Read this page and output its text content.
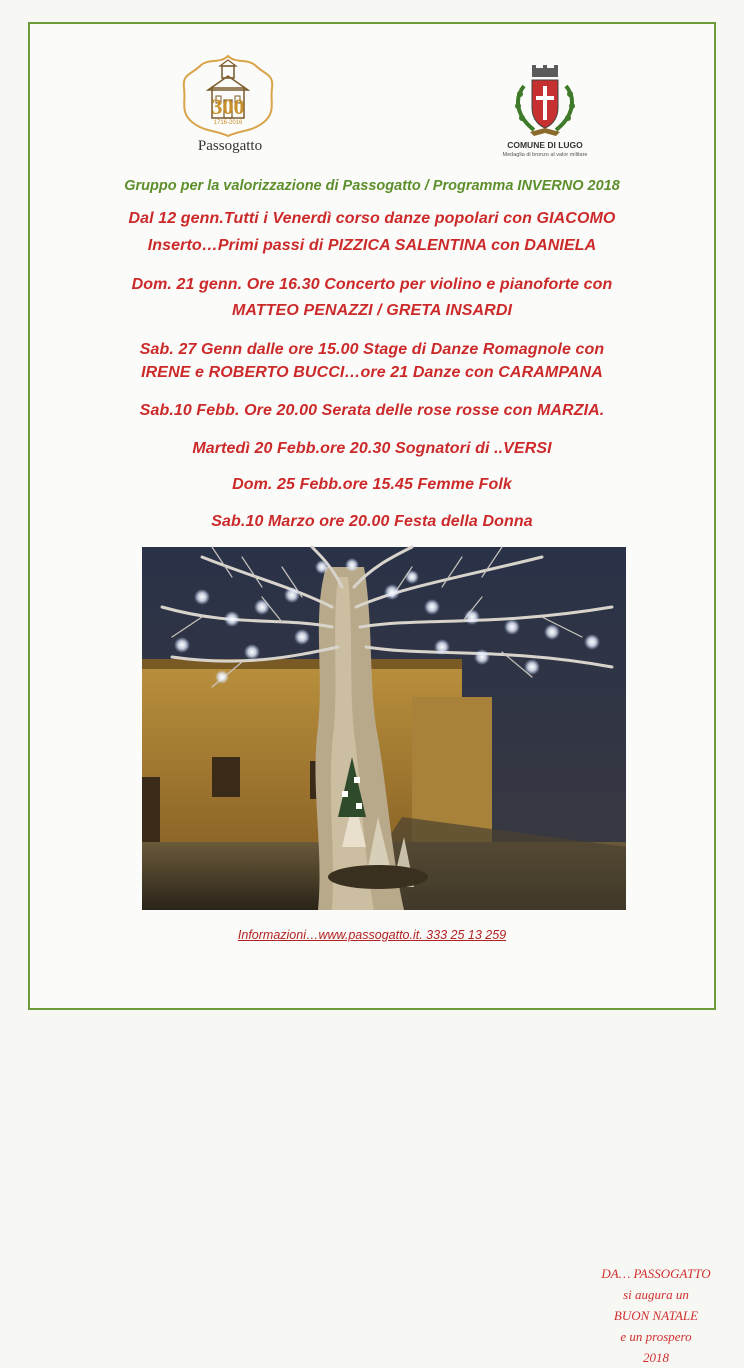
300
1716-2016
Passogatto	COMUNE DI LUGO
Medaglia di bronzo al valor militare
Gruppo per la valorizzazione di Passogatto / Programma INVERNO 2018
Dal 12 genn.Tutti i Venerdì corso danze popolari con GIACOMO
Inserto…Primi passi di PIZZICA SALENTINA con DANIELA
Dom. 21 genn. Ore 16.30 Concerto per violino e pianoforte con
MATTEO PENAZZI / GRETA INSARDI
Sab. 27 Genn dalle ore 15.00 Stage di Danze Romagnole con
IRENE e ROBERTO BUCCI…ore 21 Danze con CARAMPANA
Sab.10 Febb. Ore 20.00 Serata delle rose rosse con MARZIA.
Martedì 20 Febb.ore 20.30 Sognatori di ..VERSI
Dom. 25 Febb.ore 15.45 Femme Folk
Sab.10 Marzo ore 20.00 Festa della Donna
DA… PASSOGATTO
si augura un
BUON NATALE
e un prospero
2018
Informazioni…www.passogatto.it. 333 25 13 259
